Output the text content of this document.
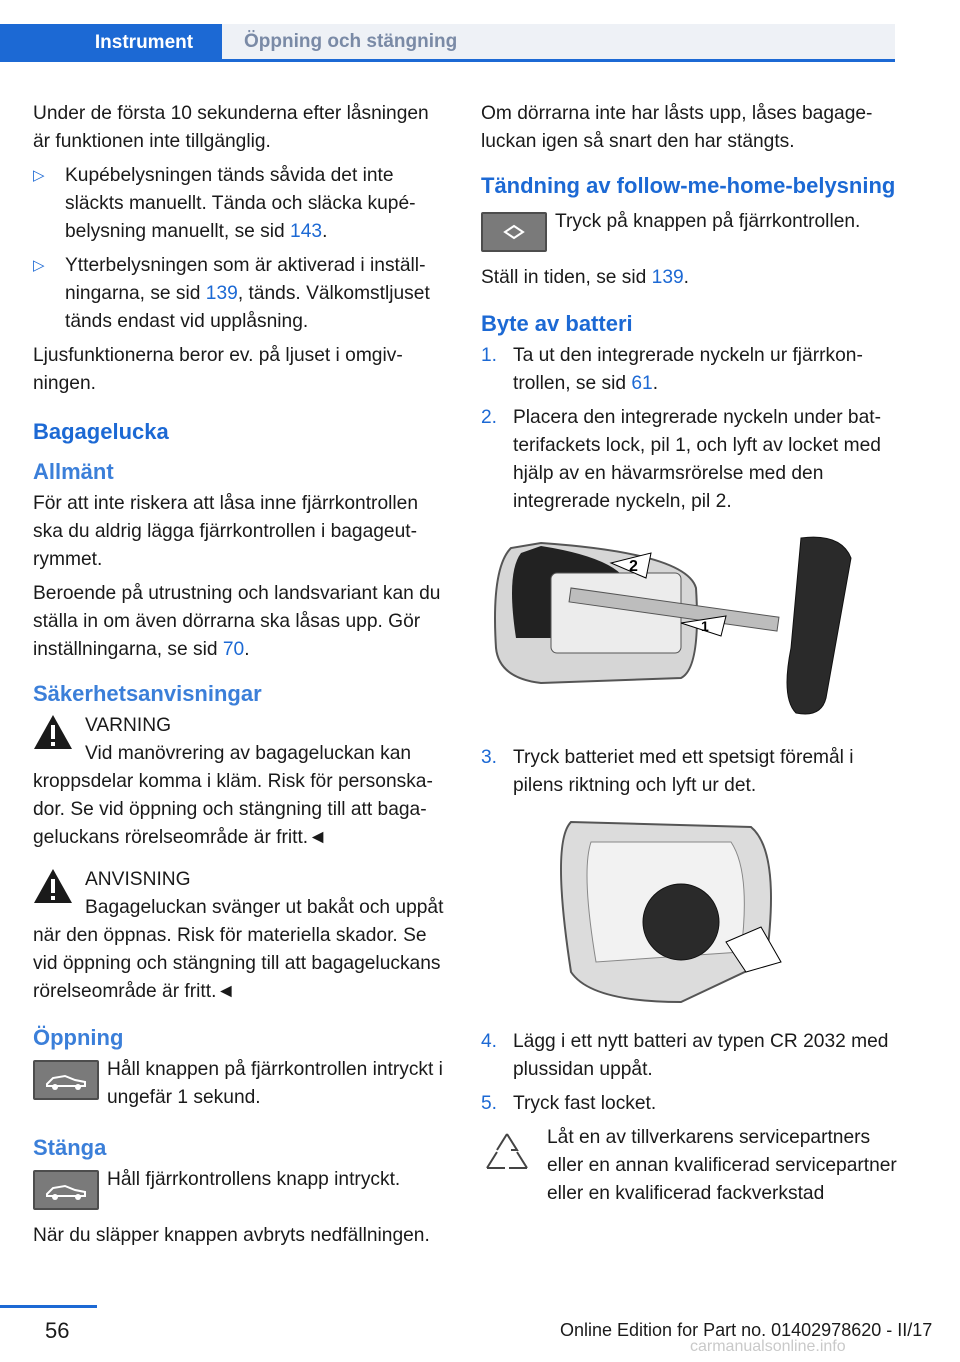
Instrument	Öppning och stängning

Under de första 10 sekunderna efter låsningen är funktionen inte tillgänglig.

▷ Kupébelysningen tänds såvida det inte släckts manuellt. Tända och släcka kupébelysning manuellt, se sid 143.
▷ Ytterbelysningen som är aktiverad i inställningarna, se sid 139, tänds. Välkomstljuset tänds endast vid upplåsning.

Ljusfunktionerna beror ev. på ljuset i omgivningen.

Bagagelucka
Allmänt

För att inte riskera att låsa inne fjärrkontrollen ska du aldrig lägga fjärrkontrollen i bagageutrymmet.

Beroende på utrustning och landsvariant kan du ställa in om även dörrarna ska låsas upp. Gör inställningarna, se sid 70.

Säkerhetsanvisningar
VARNING
Vid manövrering av bagageluckan kan kroppsdelar komma i kläm. Risk för personskador. Se vid öppning och stängning till att bagageluckans rörelseområde är fritt.◄
ANVISNING
Bagageluckan svänger ut bakåt och uppåt när den öppnas. Risk för materiella skador. Se vid öppning och stängning till att bagageluckans rörelseområde är fritt.◄
Öppning
Håll knappen på fjärrkontrollen intryckt i ungefär 1 sekund.
Stänga
Håll fjärrkontrollens knapp intryckt.

När du släpper knappen avbryts nedfällningen.

Om dörrarna inte har låsts upp, låses bagageluckan igen så snart den har stängts.

Tändning av follow-me-home-belysning
Tryck på knappen på fjärrkontrollen.

Ställ in tiden, se sid 139.

Byte av batteri
1. Ta ut den integrerade nyckeln ur fjärrkontrollen, se sid 61.
2. Placera den integrerade nyckeln under batterifackets lock, pil 1, och lyft av locket med hjälp av en hävarmsrörelse med den integrerade nyckeln, pil 2.
2
1
3. Tryck batteriet med ett spetsigt föremål i pilens riktning och lyft ur det.
4. Lägg i ett nytt batteri av typen CR 2032 med plussidan uppåt.
5. Tryck fast locket.
Låt en av tillverkarens servicepartners eller en annan kvalificerad servicepartner eller en kvalificerad fackverkstad
56	Online Edition for Part no. 01402978620 - II/17
carmanualsonline.info
